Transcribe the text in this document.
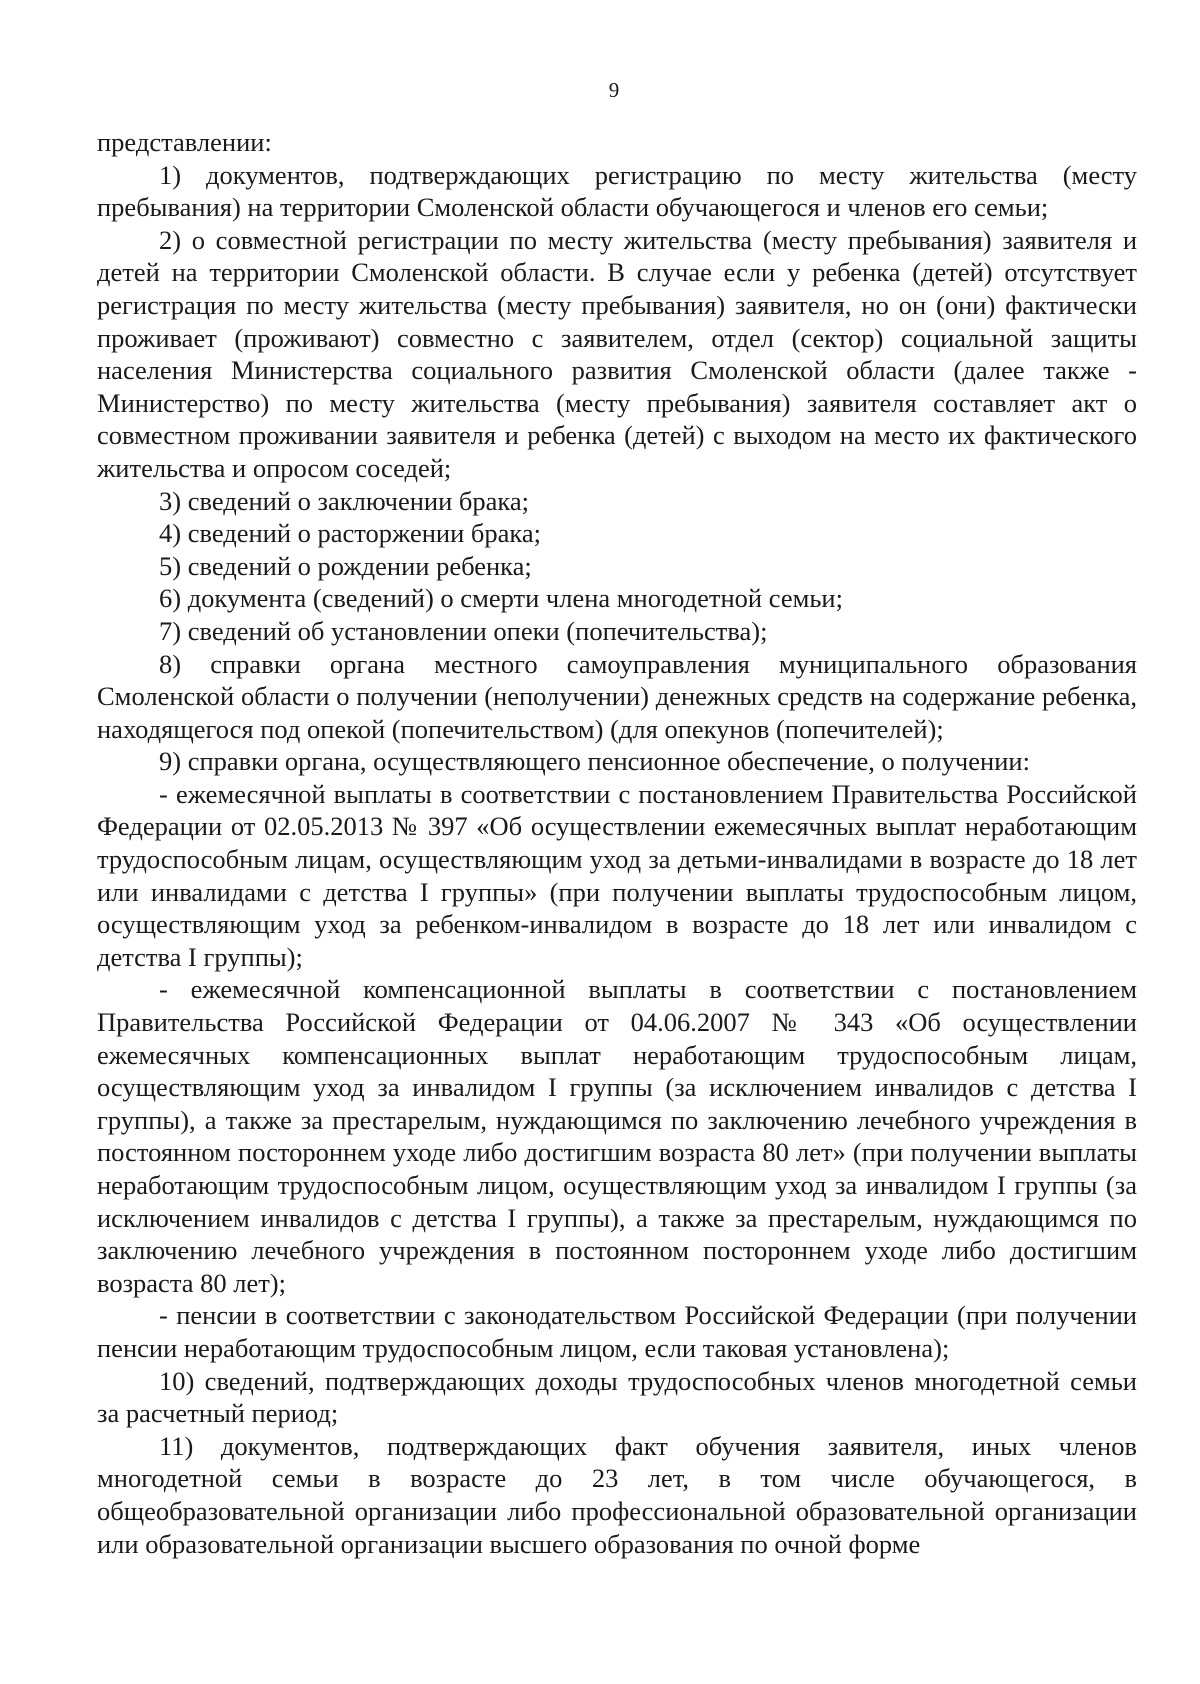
9

представлении:

1) документов, подтверждающих регистрацию по месту жительства (месту пребывания) на территории Смоленской области обучающегося и членов его семьи;

2) о совместной регистрации по месту жительства (месту пребывания) заявителя и детей на территории Смоленской области. В случае если у ребенка (детей) отсутствует регистрация по месту жительства (месту пребывания) заявителя, но он (они) фактически проживает (проживают) совместно с заявителем, отдел (сектор) социальной защиты населения Министерства социального развития Смоленской области (далее также - Министерство) по месту жительства (месту пребывания) заявителя составляет акт о совместном проживании заявителя и ребенка (детей) с выходом на место их фактического жительства и опросом соседей;

3) сведений о заключении брака;

4) сведений о расторжении брака;

5) сведений о рождении ребенка;

6) документа (сведений) о смерти члена многодетной семьи;

7) сведений об установлении опеки (попечительства);

8) справки органа местного самоуправления муниципального образования Смоленской области о получении (неполучении) денежных средств на содержание ребенка, находящегося под опекой (попечительством) (для опекунов (попечителей);

9) справки органа, осуществляющего пенсионное обеспечение, о получении:

- ежемесячной выплаты в соответствии с постановлением Правительства Российской Федерации от 02.05.2013 № 397 «Об осуществлении ежемесячных выплат неработающим трудоспособным лицам, осуществляющим уход за детьми-инвалидами в возрасте до 18 лет или инвалидами с детства I группы» (при получении выплаты трудоспособным лицом, осуществляющим уход за ребенком-инвалидом в возрасте до 18 лет или инвалидом с детства I группы);

- ежемесячной компенсационной выплаты в соответствии с постановлением Правительства Российской Федерации от 04.06.2007 № 343 «Об осуществлении ежемесячных компенсационных выплат неработающим трудоспособным лицам, осуществляющим уход за инвалидом I группы (за исключением инвалидов с детства I группы), а также за престарелым, нуждающимся по заключению лечебного учреждения в постоянном постороннем уходе либо достигшим возраста 80 лет» (при получении выплаты неработающим трудоспособным лицом, осуществляющим уход за инвалидом I группы (за исключением инвалидов с детства I группы), а также за престарелым, нуждающимся по заключению лечебного учреждения в постоянном постороннем уходе либо достигшим возраста 80 лет);

- пенсии в соответствии с законодательством Российской Федерации (при получении пенсии неработающим трудоспособным лицом, если таковая установлена);

10) сведений, подтверждающих доходы трудоспособных членов многодетной семьи за расчетный период;

11) документов, подтверждающих факт обучения заявителя, иных членов многодетной семьи в возрасте до 23 лет, в том числе обучающегося, в общеобразовательной организации либо профессиональной образовательной организации или образовательной организации высшего образования по очной форме
